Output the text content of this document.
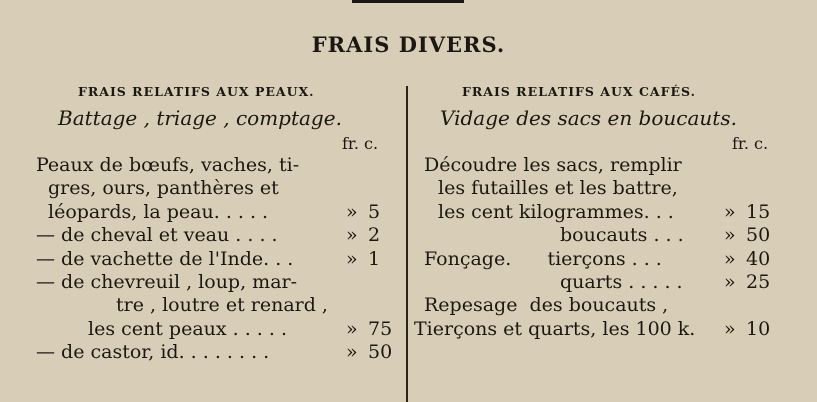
FRAIS DIVERS.
FRAIS RELATIFS AUX PEAUX.
Battage , triage , comptage.
fr. c.
Peaux de bœufs, vaches, ti-
gres, ours, panthères et
léopards, la peau. . . . .	» 5
— de cheval et veau . . . .	» 2
— de vachette de l'Inde. . .	» 1
— de chevreuil , loup, mar-
tre , loutre et renard ,
les cent peaux . . . . .	» 75
— de castor, id. . . . . . . .	» 50
FRAIS RELATIFS AUX CAFÉS.
Vidage des sacs en boucauts.
fr. c.
Découdre les sacs, remplir
les futailles et les battre,
les cent kilogrammes. . .	» 15
boucauts . . . » 50
Fonçage.      tierçons . . .	» 40
quarts . . . . . » 25
Repesage  des boucauts ,
Tierçons et quarts, les 100 k. » 10
